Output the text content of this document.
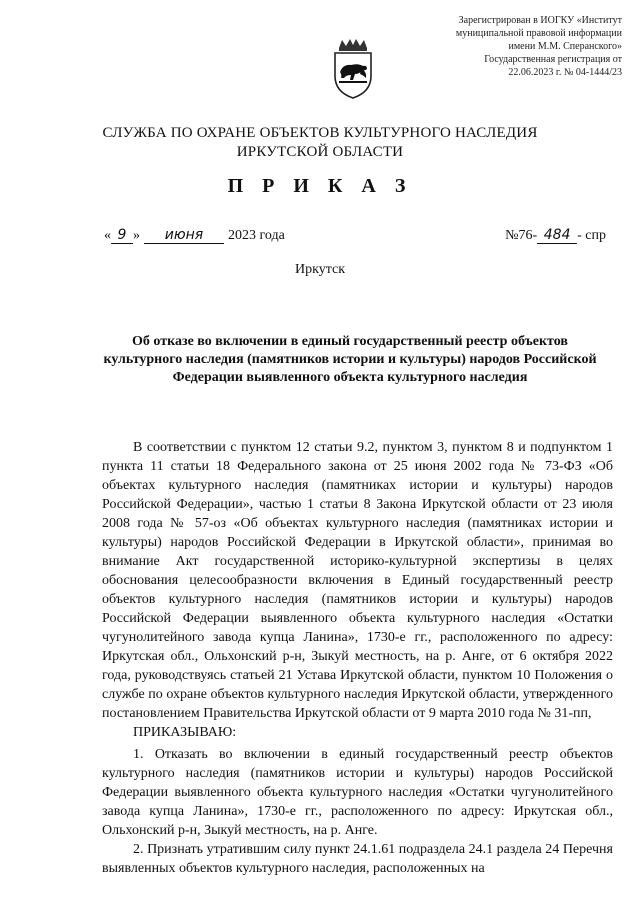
Зарегистрирован в ИОГКУ «Институт
муниципальной правовой информации
имени М.М. Сперанского»
Государственная регистрация от
22.06.2023 г. № 04-1444/23
СЛУЖБА ПО ОХРАНЕ ОБЪЕКТОВ КУЛЬТУРНОГО НАСЛЕДИЯ
ИРКУТСКОЙ ОБЛАСТИ
П Р И К А З
« 9 »	июня	2023 года	№76- 484 - спр
Иркутск
Об отказе во включении в единый государственный реестр объектов культурного наследия (памятников истории и культуры) народов Российской Федерации выявленного объекта культурного наследия

В соответствии с пунктом 12 статьи 9.2, пунктом 3, пунктом 8 и подпунктом 1 пункта 11 статьи 18 Федерального закона от 25 июня 2002 года № 73-ФЗ «Об объектах культурного наследия (памятниках истории и культуры) народов Российской Федерации», частью 1 статьи 8 Закона Иркутской области от 23 июля 2008 года № 57-оз «Об объектах культурного наследия (памятниках истории и культуры) народов Российской Федерации в Иркутской области», принимая во внимание Акт государственной историко-культурной экспертизы в целях обоснования целесообразности включения в Единый государственный реестр объектов культурного наследия (памятников истории и культуры) народов Российской Федерации выявленного объекта культурного наследия «Остатки чугунолитейного завода купца Ланина», 1730-е гг., расположенного по адресу: Иркутская обл., Ольхонский р-н, Зыкуй местность, на р. Анге, от 6 октября 2022 года, руководствуясь статьей 21 Устава Иркутской области, пунктом 10 Положения о службе по охране объектов культурного наследия Иркутской области, утвержденного постановлением Правительства Иркутской области от 9 марта 2010 года № 31-пп,

ПРИКАЗЫВАЮ:

1. Отказать во включении в единый государственный реестр объектов культурного наследия (памятников истории и культуры) народов Российской Федерации выявленного объекта культурного наследия «Остатки чугунолитейного завода купца Ланина», 1730-е гг., расположенного по адресу: Иркутская обл., Ольхонский р-н, Зыкуй местность, на р. Анге.

2. Признать утратившим силу пункт 24.1.61 подраздела 24.1 раздела 24 Перечня выявленных объектов культурного наследия, расположенных на
